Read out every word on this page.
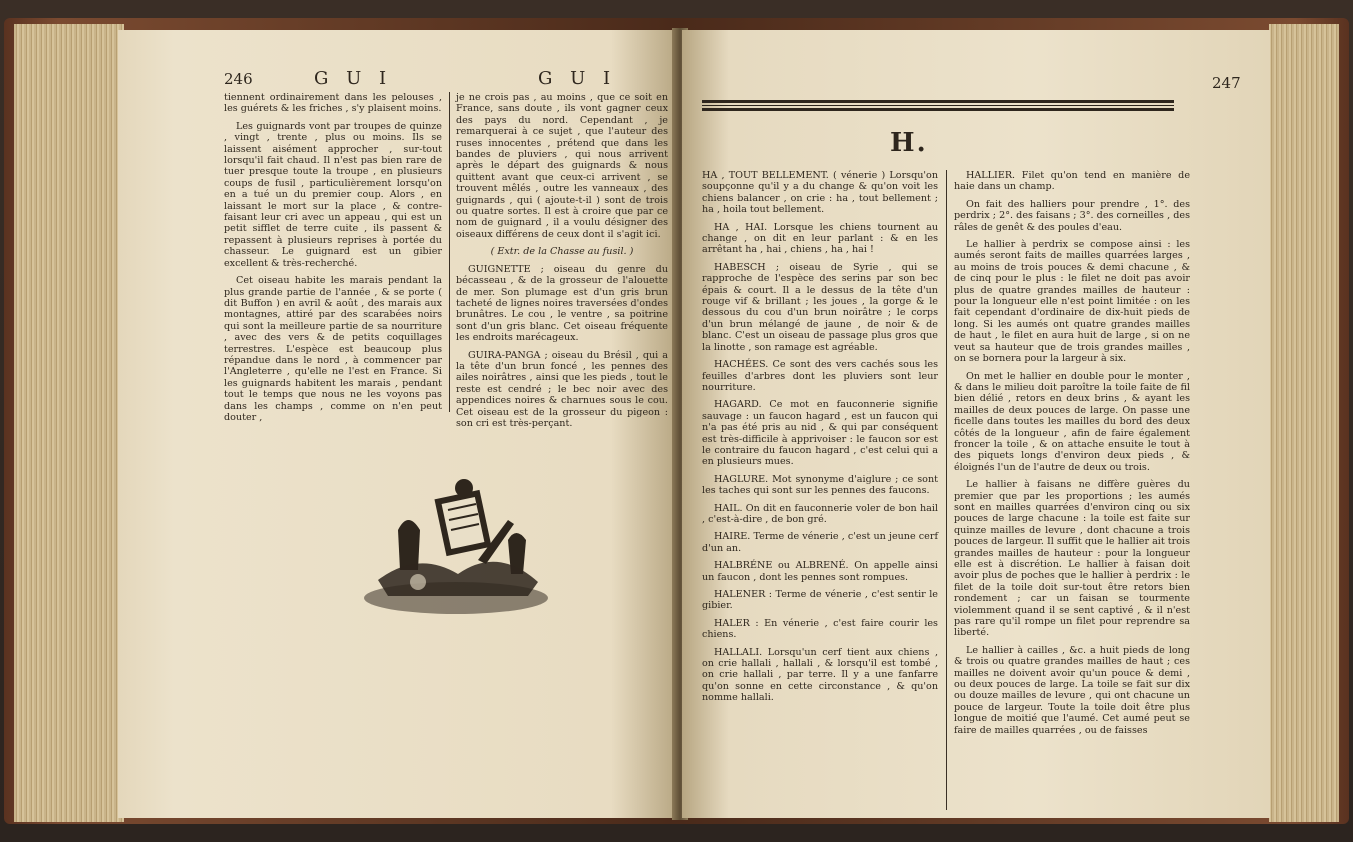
246	G U I	G U I

tiennent ordinairement dans les pelouses , les guérets & les friches , s'y plaisent moins.

Les guignards vont par troupes de quinze , vingt , trente , plus ou moins. Ils se laissent aisément approcher , sur-tout lorsqu'il fait chaud. Il n'est pas bien rare de tuer presque toute la troupe , en plusieurs coups de fusil , particulièrement lorsqu'on en a tué un du premier coup. Alors , en laissant le mort sur la place , & contre-faisant leur cri avec un appeau , qui est un petit sifflet de terre cuite , ils passent & repassent à plusieurs reprises à portée du chasseur. Le guignard est un gibier excellent & très-recherché.

Cet oiseau habite les marais pendant la plus grande partie de l'année , & se porte ( dit Buffon ) en avril & août , des marais aux montagnes, attiré par des scarabées noirs qui sont la meilleure partie de sa nourriture , avec des vers & de petits coquillages terrestres. L'espèce est beaucoup plus répandue dans le nord , à commencer par l'Angleterre , qu'elle ne l'est en France. Si les guignards habitent les marais , pendant tout le temps que nous ne les voyons pas dans les champs , comme on n'en peut douter ,

je ne crois pas , au moins , que ce soit en France, sans doute , ils vont gagner ceux des pays du nord. Cependant , je remarquerai à ce sujet , que l'auteur des ruses innocentes , prétend que dans les bandes de pluviers , qui nous arrivent après le départ des guignards & nous quittent avant que ceux-ci arrivent , se trouvent mêlés , outre les vanneaux , des guignards , qui ( ajoute-t-il ) sont de trois ou quatre sortes. Il est à croire que par ce nom de guignard , il a voulu désigner des oiseaux différens de ceux dont il s'agit ici.

( Extr. de la Chasse au fusil. )

GUIGNETTE ; oiseau du genre du bécasseau , & de la grosseur de l'alouette de mer. Son plumage est d'un gris brun tacheté de lignes noires traversées d'ondes brunâtres. Le cou , le ventre , sa poitrine sont d'un gris blanc. Cet oiseau fréquente les endroits marécageux.

GUIRA-PANGA ; oiseau du Brésil , qui a la tête d'un brun foncé , les pennes des ailes noirâtres , ainsi que les pieds , tout le reste est cendré ; le bec noir avec des appendices noires & charnues sous le cou. Cet oiseau est de la grosseur du pigeon : son cri est très-perçant.

247
H.

HA , TOUT BELLEMENT. ( vénerie ) Lorsqu'on soupçonne qu'il y a du change & qu'on voit les chiens balancer , on crie : ha , tout bellement ; ha , hoila tout bellement.

HA , HAI. Lorsque les chiens tournent au change , on dit en leur parlant : & en les arrêtant ha , hai , chiens , ha , hai !

HABESCH ; oiseau de Syrie , qui se rapproche de l'espèce des serins par son bec épais & court. Il a le dessus de la tête d'un rouge vif & brillant ; les joues , la gorge & le dessous du cou d'un brun noirâtre ; le corps d'un brun mélangé de jaune , de noir & de blanc. C'est un oiseau de passage plus gros que la linotte , son ramage est agréable.

HACHÉES. Ce sont des vers cachés sous les feuilles d'arbres dont les pluviers sont leur nourriture.

HAGARD. Ce mot en fauconnerie signifie sauvage : un faucon hagard , est un faucon qui n'a pas été pris au nid , & qui par conséquent est très-difficile à apprivoiser : le faucon sor est le contraire du faucon hagard , c'est celui qui a en plusieurs mues.

HAGLURE. Mot synonyme d'aiglure ; ce sont les taches qui sont sur les pennes des faucons.

HAIL. On dit en fauconnerie voler de bon hail , c'est-à-dire , de bon gré.

HAIRE. Terme de vénerie , c'est un jeune cerf d'un an.

HALBRÉNE ou ALBRENÉ. On appelle ainsi un faucon , dont les pennes sont rompues.

HALENER : Terme de vénerie , c'est sentir le gibier.

HALER : En vénerie , c'est faire courir les chiens.

HALLALI. Lorsqu'un cerf tient aux chiens , on crie hallali , hallali , & lorsqu'il est tombé , on crie hallali , par terre. Il y a une fanfarre qu'on sonne en cette circonstance , & qu'on nomme hallali.

HALLIER. Filet qu'on tend en manière de haie dans un champ.

On fait des halliers pour prendre , 1°. des perdrix ; 2°. des faisans ; 3°. des corneilles , des râles de genêt & des poules d'eau.

Le hallier à perdrix se compose ainsi : les aumés seront faits de mailles quarrées larges , au moins de trois pouces & demi chacune , & de cinq pour le plus : le filet ne doit pas avoir plus de quatre grandes mailles de hauteur : pour la longueur elle n'est point limitée : on les fait cependant d'ordinaire de dix-huit pieds de long. Si les aumés ont quatre grandes mailles de haut , le filet en aura huit de large , si on ne veut sa hauteur que de trois grandes mailles , on se bornera pour la largeur à six.

On met le hallier en double pour le monter , & dans le milieu doit paroître la toile faite de fil bien délié , retors en deux brins , & ayant les mailles de deux pouces de large. On passe une ficelle dans toutes les mailles du bord des deux côtés de la longueur , afin de faire également froncer la toile , & on attache ensuite le tout à des piquets longs d'environ deux pieds , & éloignés l'un de l'autre de deux ou trois.

Le hallier à faisans ne diffère guères du premier que par les proportions ; les aumés sont en mailles quarrées d'environ cinq ou six pouces de large chacune : la toile est faite sur quinze mailles de levure , dont chacune a trois pouces de largeur. Il suffit que le hallier ait trois grandes mailles de hauteur : pour la longueur elle est à discrétion. Le hallier à faisan doit avoir plus de poches que le hallier à perdrix : le filet de la toile doit sur-tout être retors bien rondement ; car un faisan se tourmente violemment quand il se sent captivé , & il n'est pas rare qu'il rompe un filet pour reprendre sa liberté.

Le hallier à cailles , &c. a huit pieds de long & trois ou quatre grandes mailles de haut ; ces mailles ne doivent avoir qu'un pouce & demi , ou deux pouces de large. La toile se fait sur dix ou douze mailles de levure , qui ont chacune un pouce de largeur. Toute la toile doit être plus longue de moitié que l'aumé. Cet aumé peut se faire de mailles quarrées , ou de faisses
